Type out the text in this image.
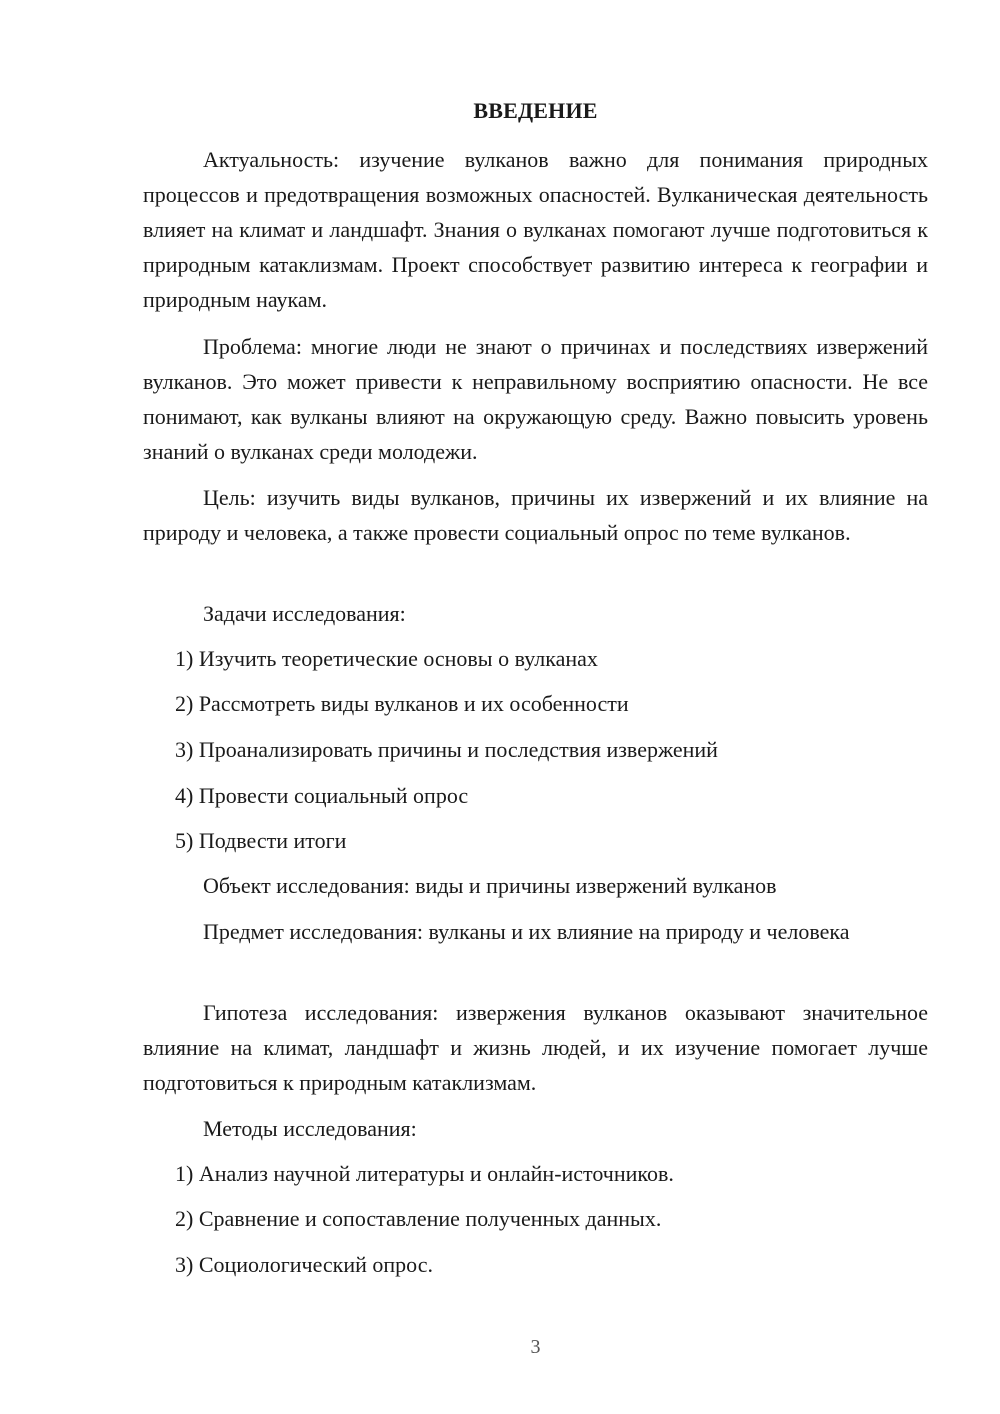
ВВЕДЕНИЕ

Актуальность: изучение вулканов важно для понимания природных процессов и предотвращения возможных опасностей. Вулканическая деятельность влияет на климат и ландшафт. Знания о вулканах помогают лучше подготовиться к природным катаклизмам. Проект способствует развитию интереса к географии и природным наукам.

Проблема: многие люди не знают о причинах и последствиях извержений вулканов. Это может привести к неправильному восприятию опасности. Не все понимают, как вулканы влияют на окружающую среду. Важно повысить уровень знаний о вулканах среди молодежи.

Цель: изучить виды вулканов, причины их извержений и их влияние на природу и человека, а также провести социальный опрос по теме вулканов.

Задачи исследования:
1) Изучить теоретические основы о вулканах
2) Рассмотреть виды вулканов и их особенности
3) Проанализировать причины и последствия извержений
4) Провести социальный опрос
5) Подвести итоги
Объект исследования: виды и причины извержений вулканов

Предмет исследования: вулканы и их влияние на природу и человека

Гипотеза исследования: извержения вулканов оказывают значительное влияние на климат, ландшафт и жизнь людей, и их изучение помогает лучше подготовиться к природным катаклизмам.

Методы исследования:
1) Анализ научной литературы и онлайн-источников.
2) Сравнение и сопоставление полученных данных.
3) Социологический опрос.
3
